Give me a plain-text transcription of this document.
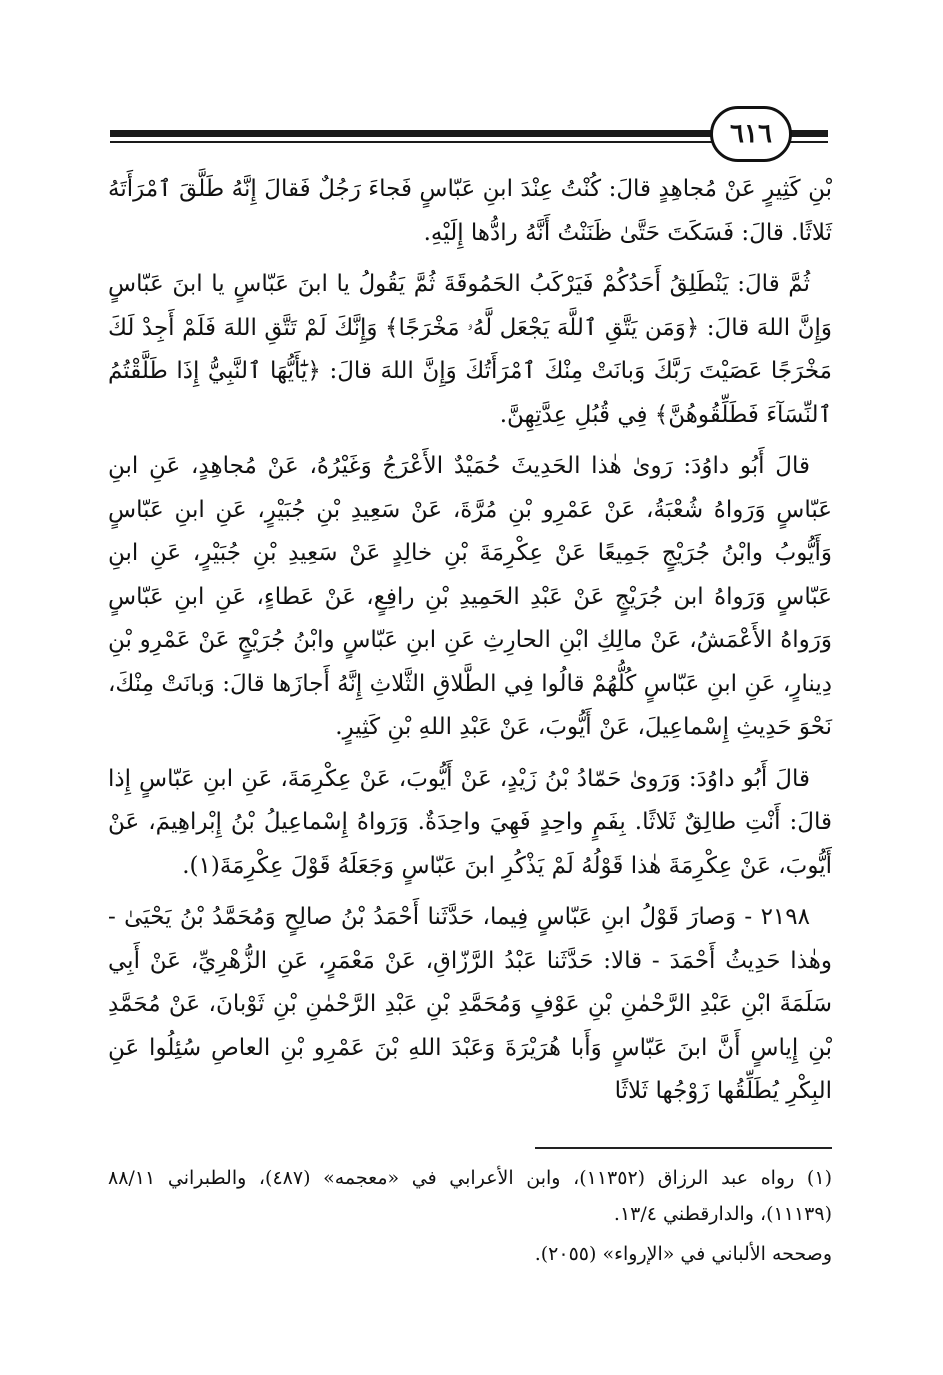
٦١٦

بْنِ كَثِيرٍ عَنْ مُجاهِدٍ قالَ: كُنْتُ عِنْدَ ابنِ عَبّاسٍ فَجاءَ رَجُلٌ فَقالَ إِنَّهُ طَلَّقَ ٱمْرَأَتَهُ ثَلاثًا. قالَ: فَسَكَتَ حَتَّىٰ ظَنَنْتُ أَنَّهُ رادُّها إِلَيْهِ.

ثُمَّ قالَ: يَنْطَلِقُ أَحَدُكُمْ فَيَرْكَبُ الحَمُوقَةَ ثُمَّ يَقُولُ يا ابنَ عَبّاسٍ يا ابنَ عَبّاسٍ وَإِنَّ اللهَ قالَ: ﴿وَمَن يَتَّقِ ٱللَّهَ يَجْعَل لَّهُۥ مَخْرَجًا﴾ وَإِنَّكَ لَمْ تَتَّقِ اللهَ فَلَمْ أَجِدْ لَكَ مَخْرَجًا عَصَيْتَ رَبَّكَ وَبانَتْ مِنْكَ ٱمْرَأَتُكَ وَإِنَّ اللهَ قالَ: ﴿يَٰٓأَيُّهَا ٱلنَّبِيُّ إِذَا طَلَّقْتُمُ ٱلنِّسَآءَ فَطَلِّقُوهُنَّ﴾ فِي قُبُلِ عِدَّتِهِنَّ.

قالَ أَبُو داوُدَ: رَوىٰ هٰذا الحَدِيثَ حُمَيْدٌ الأَعْرَجُ وَغَيْرُهُ، عَنْ مُجاهِدٍ، عَنِ ابنِ عَبّاسٍ وَرَواهُ شُعْبَةُ، عَنْ عَمْرِو بْنِ مُرَّةَ، عَنْ سَعِيدِ بْنِ جُبَيْرٍ، عَنِ ابنِ عَبّاسٍ وَأَيُّوبُ وابْنُ جُرَيْجٍ جَمِيعًا عَنْ عِكْرِمَةَ بْنِ خالِدٍ عَنْ سَعِيدِ بْنِ جُبَيْرٍ، عَنِ ابنِ عَبّاسٍ وَرَواهُ ابن جُرَيْجٍ عَنْ عَبْدِ الحَمِيدِ بْنِ رافِعٍ، عَنْ عَطاءٍ، عَنِ ابنِ عَبّاسٍ وَرَواهُ الأَعْمَشُ، عَنْ مالِكِ ابْنِ الحارِثِ عَنِ ابنِ عَبّاسٍ وابْنُ جُرَيْجٍ عَنْ عَمْرِو بْنِ دِينارٍ، عَنِ ابنِ عَبّاسٍ كُلُّهُمْ قالُوا فِي الطَّلاقِ الثَّلاثِ إِنَّهُ أَجازَها قالَ: وَبانَتْ مِنْكَ، نَحْوَ حَدِيثِ إِسْماعِيلَ، عَنْ أَيُّوبَ، عَنْ عَبْدِ اللهِ بْنِ كَثِيرٍ.

قالَ أَبُو داوُدَ: وَرَوىٰ حَمّادُ بْنُ زَيْدٍ، عَنْ أَيُّوبَ، عَنْ عِكْرِمَةَ، عَنِ ابنِ عَبّاسٍ إِذا قالَ: أَنْتِ طالِقٌ ثَلاثًا. بِفَمٍ واحِدٍ فَهِيَ واحِدَةٌ. وَرَواهُ إِسْماعِيلُ بْنُ إِبْراهِيمَ، عَنْ أَيُّوبَ، عَنْ عِكْرِمَةَ هٰذا قَوْلُهُ لَمْ يَذْكُرِ ابنَ عَبّاسٍ وَجَعَلَهُ قَوْلَ عِكْرِمَةَ(١).

٢١٩٨ - وَصارَ قَوْلُ ابنِ عَبّاسٍ فِيما، حَدَّثَنا أَحْمَدُ بْنُ صالِحٍ وَمُحَمَّدُ بْنُ يَحْيَىٰ - وهٰذا حَدِيثُ أَحْمَدَ - قالا: حَدَّثَنا عَبْدُ الرَّزّاقِ، عَنْ مَعْمَرٍ، عَنِ الزُّهْرِيِّ، عَنْ أَبِي سَلَمَةَ ابْنِ عَبْدِ الرَّحْمٰنِ بْنِ عَوْفٍ وَمُحَمَّدِ بْنِ عَبْدِ الرَّحْمٰنِ بْنِ ثَوْبانَ، عَنْ مُحَمَّدِ بْنِ إِياسٍ أَنَّ ابنَ عَبّاسٍ وَأَبا هُرَيْرَةَ وَعَبْدَ اللهِ بْنَ عَمْرِو بْنِ العاصِ سُئِلُوا عَنِ البِكْرِ يُطَلِّقُها زَوْجُها ثَلاثًا

(١) رواه عبد الرزاق (١١٣٥٢)، وابن الأعرابي في «معجمه» (٤٨٧)، والطبراني ٨٨/١١ (١١١٣٩)، والدارقطني ١٣/٤.

وصححه الألباني في «الإرواء» (٢٠٥٥).
